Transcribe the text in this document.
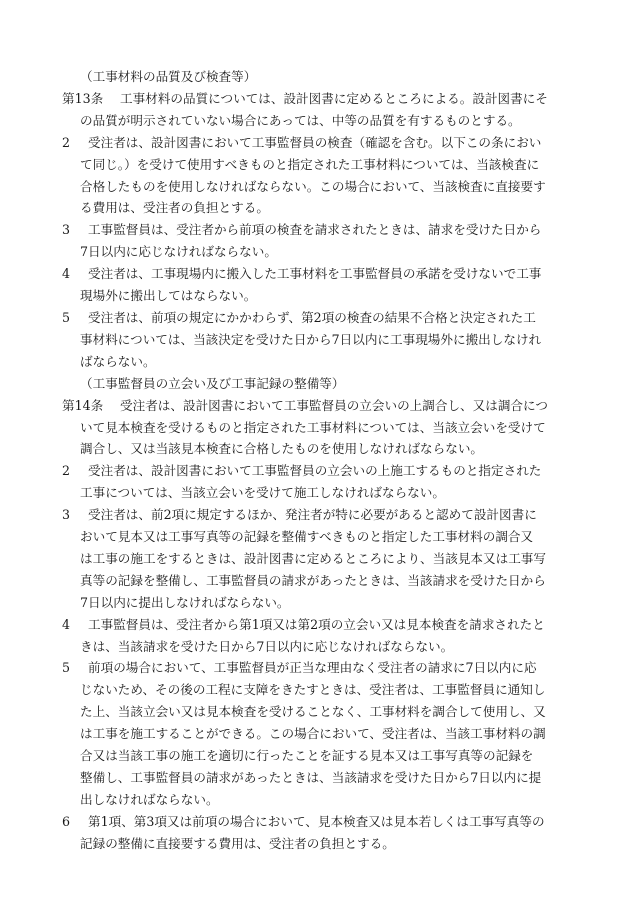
（工事材料の品質及び検査等）

第13条 工事材料の品質については、設計図書に定めるところによる。設計図書にそ

の品質が明示されていない場合にあっては、中等の品質を有するものとする。

2 受注者は、設計図書において工事監督員の検査（確認を含む。以下この条におい

て同じ。）を受けて使用すべきものと指定された工事材料については、当該検査に

合格したものを使用しなければならない。この場合において、当該検査に直接要す

る費用は、受注者の負担とする。

3 工事監督員は、受注者から前項の検査を請求されたときは、請求を受けた日から

7日以内に応じなければならない。

4 受注者は、工事現場内に搬入した工事材料を工事監督員の承諾を受けないで工事

現場外に搬出してはならない。

5 受注者は、前項の規定にかかわらず、第2項の検査の結果不合格と決定された工

事材料については、当該決定を受けた日から7日以内に工事現場外に搬出しなけれ

ばならない。

（工事監督員の立会い及び工事記録の整備等）

第14条 受注者は、設計図書において工事監督員の立会いの上調合し、又は調合につ

いて見本検査を受けるものと指定された工事材料については、当該立会いを受けて

調合し、又は当該見本検査に合格したものを使用しなければならない。

2 受注者は、設計図書において工事監督員の立会いの上施工するものと指定された

工事については、当該立会いを受けて施工しなければならない。

3 受注者は、前2項に規定するほか、発注者が特に必要があると認めて設計図書に

おいて見本又は工事写真等の記録を整備すべきものと指定した工事材料の調合又

は工事の施工をするときは、設計図書に定めるところにより、当該見本又は工事写

真等の記録を整備し、工事監督員の請求があったときは、当該請求を受けた日から

7日以内に提出しなければならない。

4 工事監督員は、受注者から第1項又は第2項の立会い又は見本検査を請求されたと

きは、当該請求を受けた日から7日以内に応じなければならない。

5 前項の場合において、工事監督員が正当な理由なく受注者の請求に7日以内に応

じないため、その後の工程に支障をきたすときは、受注者は、工事監督員に通知し

た上、当該立会い又は見本検査を受けることなく、工事材料を調合して使用し、又

は工事を施工することができる。この場合において、受注者は、当該工事材料の調

合又は当該工事の施工を適切に行ったことを証する見本又は工事写真等の記録を

整備し、工事監督員の請求があったときは、当該請求を受けた日から7日以内に提

出しなければならない。

6 第1項、第3項又は前項の場合において、見本検査又は見本若しくは工事写真等の

記録の整備に直接要する費用は、受注者の負担とする。
